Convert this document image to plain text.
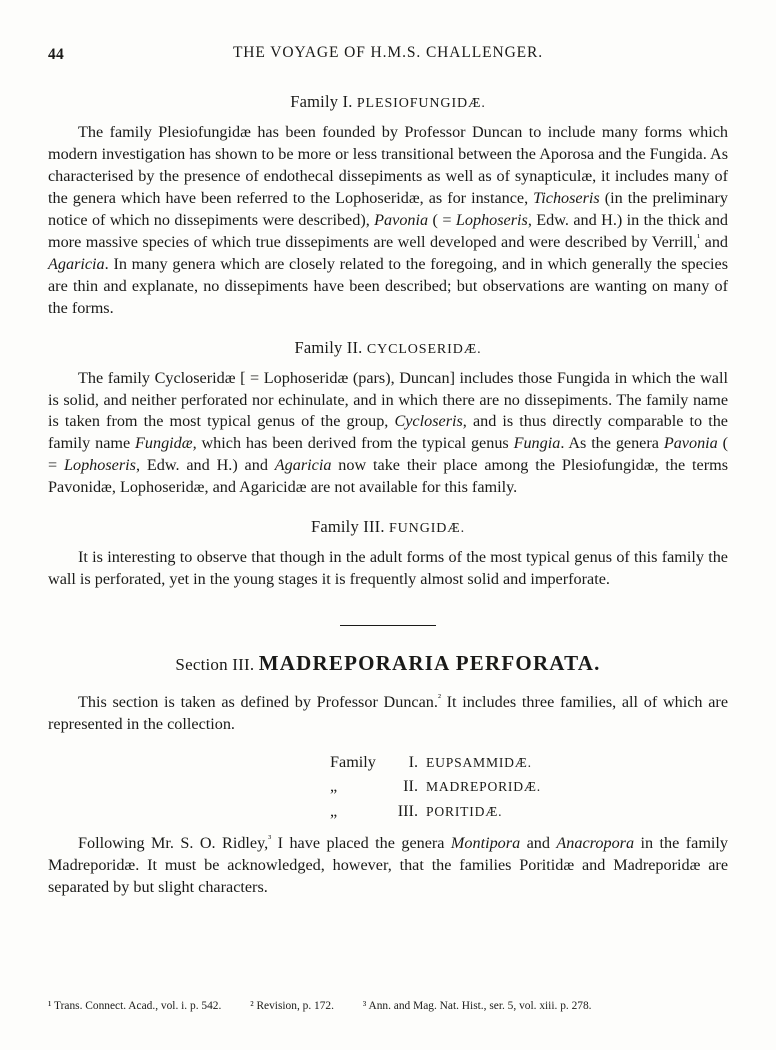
44	THE VOYAGE OF H.M.S. CHALLENGER.
Family I. PLESIOFUNGIDÆ.

The family Plesiofungidæ has been founded by Professor Duncan to include many forms which modern investigation has shown to be more or less transitional between the Aporosa and the Fungida. As characterised by the presence of endothecal dissepiments as well as of synapticulæ, it includes many of the genera which have been referred to the Lophoseridæ, as for instance, Tichoseris (in the preliminary notice of which no dissepiments were described), Pavonia ( = Lophoseris, Edw. and H.) in the thick and more massive species of which true dissepiments are well developed and were described by Verrill,$^{^1}$ and Agaricia. In many genera which are closely related to the foregoing, and in which generally the species are thin and explanate, no dissepiments have been described; but observations are wanting on many of the forms.

Family II. CYCLOSERIDÆ.

The family Cycloseridæ [ = Lophoseridæ (pars), Duncan] includes those Fungida in which the wall is solid, and neither perforated nor echinulate, and in which there are no dissepiments. The family name is taken from the most typical genus of the group, Cycloseris, and is thus directly comparable to the family name Fungidæ, which has been derived from the typical genus Fungia. As the genera Pavonia ( = Lophoseris, Edw. and H.) and Agaricia now take their place among the Plesiofungidæ, the terms Pavonidæ, Lophoseridæ, and Agaricidæ are not available for this family.

Family III. FUNGIDÆ.

It is interesting to observe that though in the adult forms of the most typical genus of this family the wall is perforated, yet in the young stages it is frequently almost solid and imperforate.

Section III. MADREPORARIA PERFORATA.

This section is taken as defined by Professor Duncan.$^{^2}$ It includes three families, all of which are represented in the collection.

Family I. EUPSAMMIDÆ.
„	II. MADREPORIDÆ.
„	III. PORITIDÆ.

Following Mr. S. O. Ridley,$^{^3}$ I have placed the genera Montipora and Anacropora in the family Madreporidæ. It must be acknowledged, however, that the families Poritidæ and Madreporidæ are separated by but slight characters.

¹ Trans. Connect. Acad., vol. i. p. 542.	² Revision, p. 172.	³ Ann. and Mag. Nat. Hist., ser. 5, vol. xiii. p. 278.
